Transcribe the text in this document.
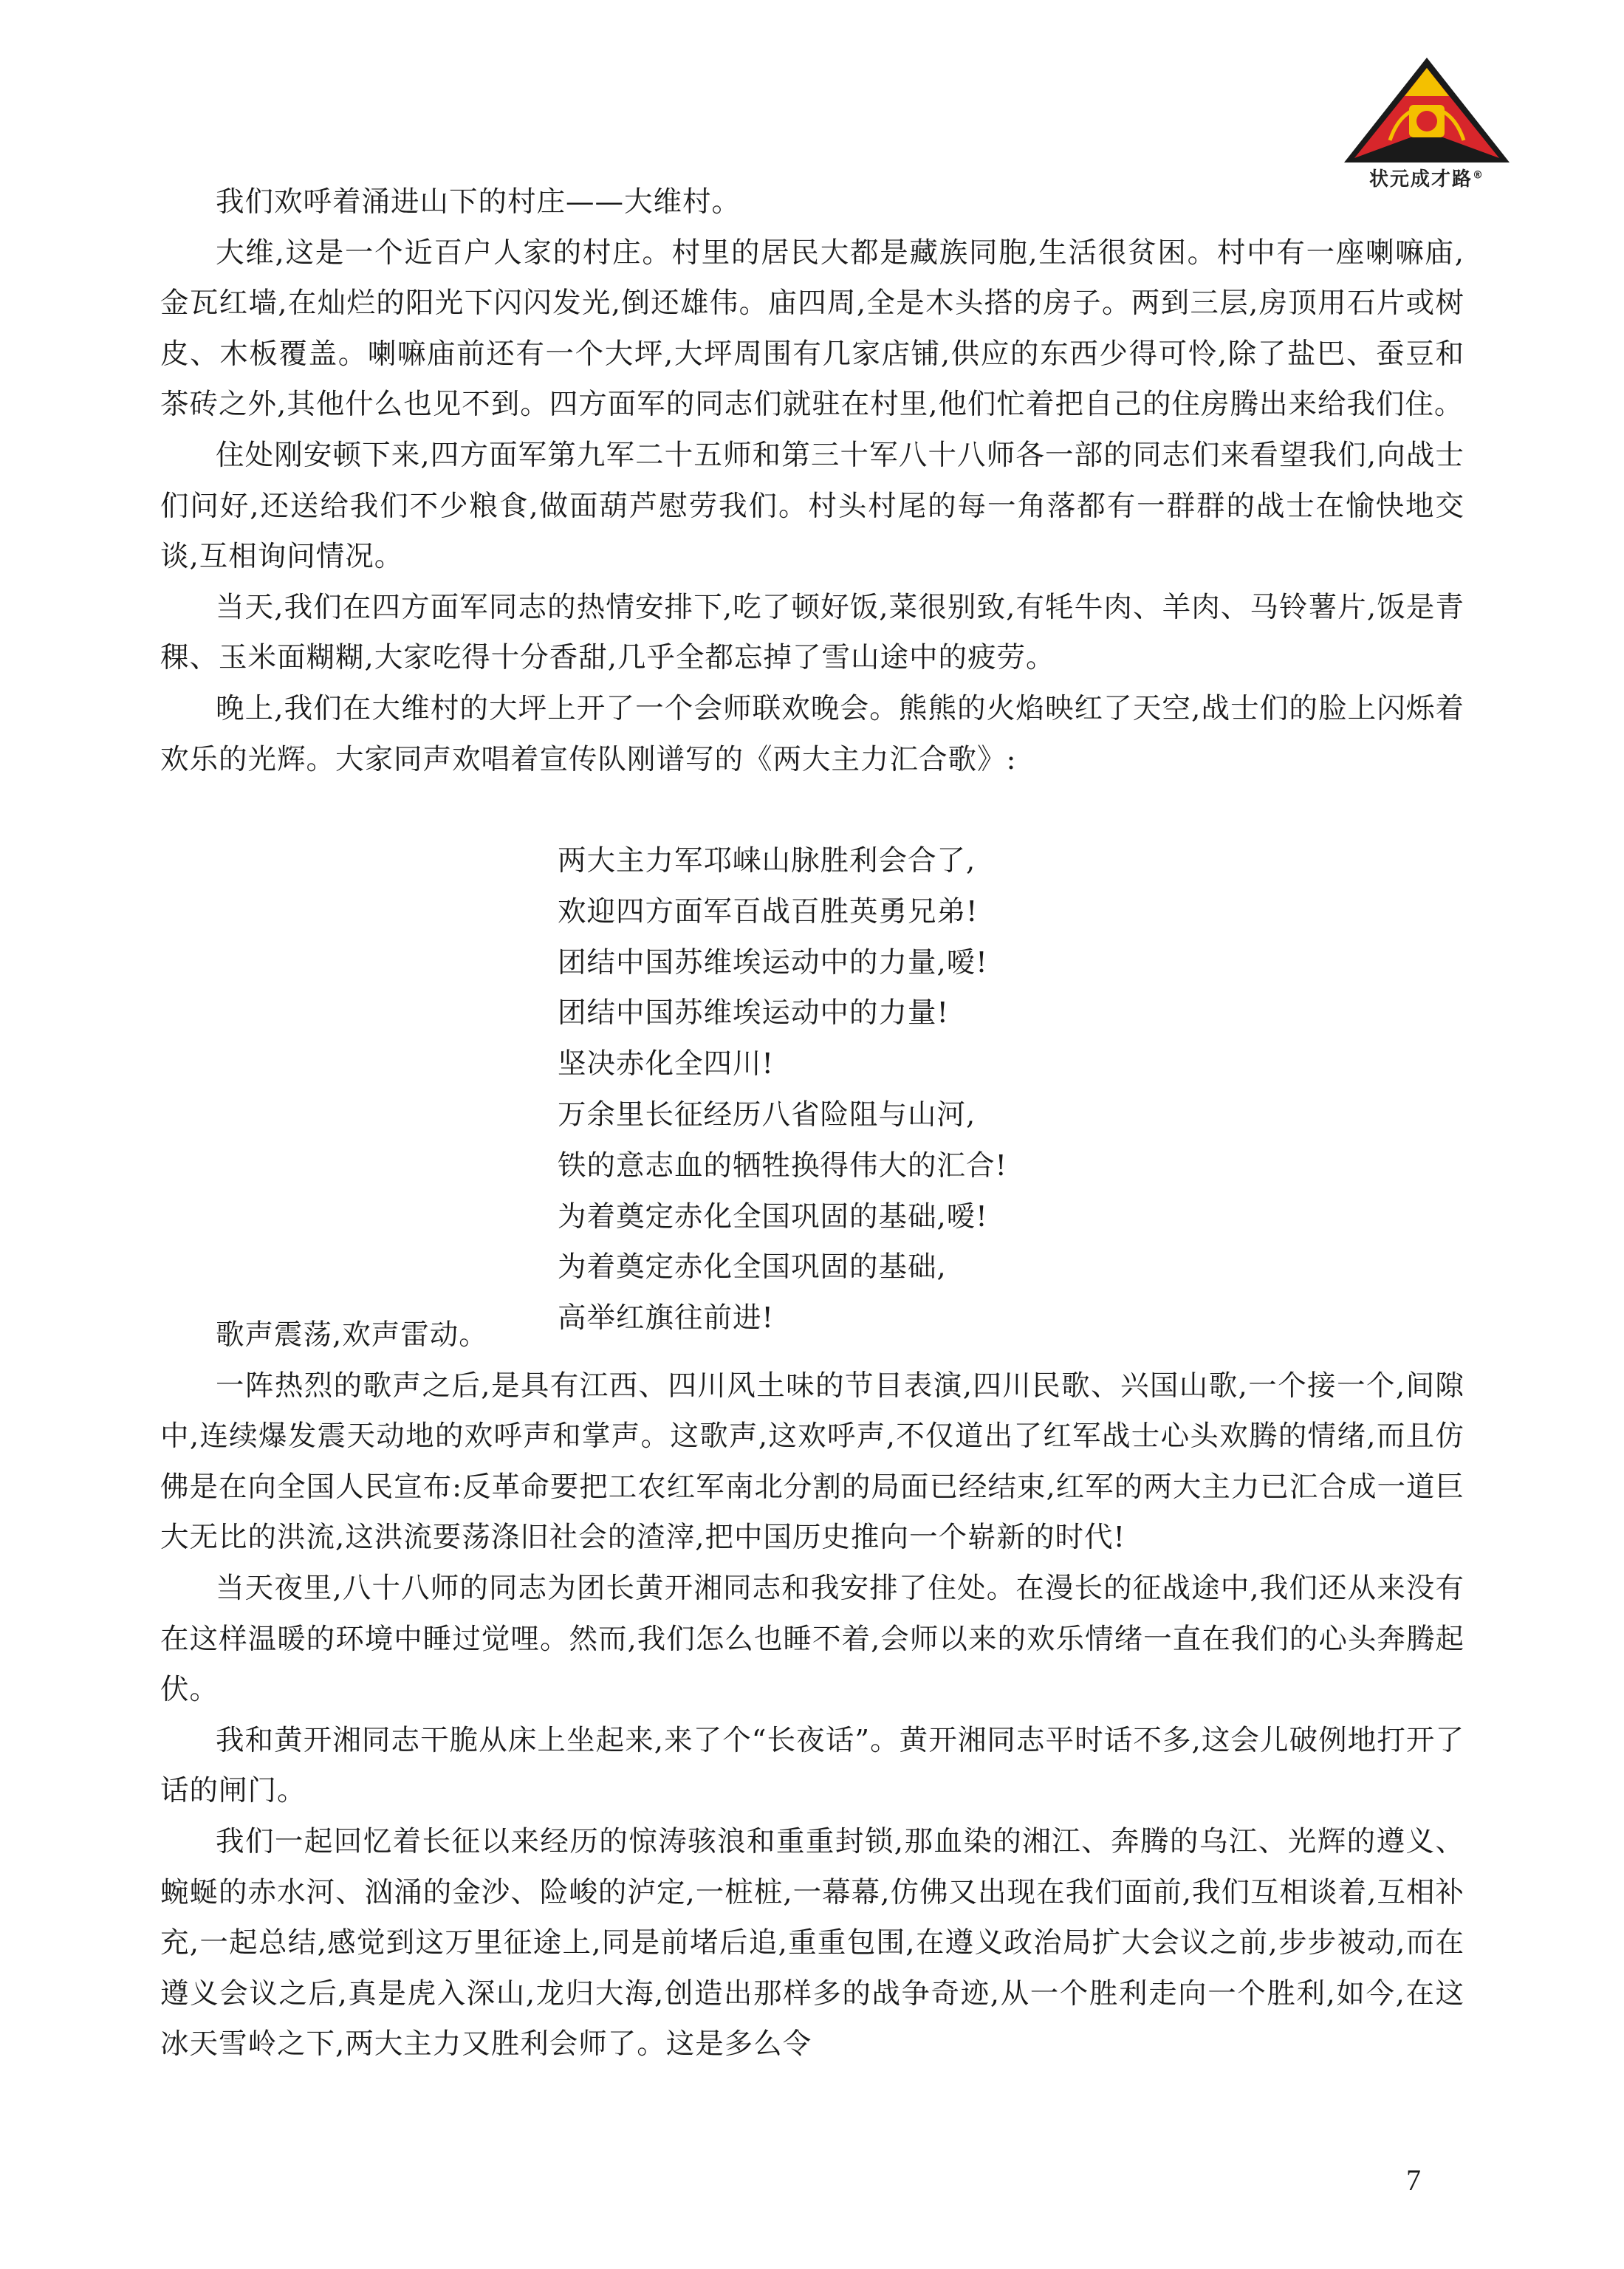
状元成才路®

我们欢呼着涌进山下的村庄——大维村。

大维,这是一个近百户人家的村庄。村里的居民大都是藏族同胞,生活很贫困。村中有一座喇嘛庙,金瓦红墙,在灿烂的阳光下闪闪发光,倒还雄伟。庙四周,全是木头搭的房子。两到三层,房顶用石片或树皮、木板覆盖。喇嘛庙前还有一个大坪,大坪周围有几家店铺,供应的东西少得可怜,除了盐巴、蚕豆和茶砖之外,其他什么也见不到。四方面军的同志们就驻在村里,他们忙着把自己的住房腾出来给我们住。

住处刚安顿下来,四方面军第九军二十五师和第三十军八十八师各一部的同志们来看望我们,向战士们问好,还送给我们不少粮食,做面葫芦慰劳我们。村头村尾的每一角落都有一群群的战士在愉快地交谈,互相询问情况。

当天,我们在四方面军同志的热情安排下,吃了顿好饭,菜很别致,有牦牛肉、羊肉、马铃薯片,饭是青稞、玉米面糊糊,大家吃得十分香甜,几乎全都忘掉了雪山途中的疲劳。

晚上,我们在大维村的大坪上开了一个会师联欢晚会。熊熊的火焰映红了天空,战士们的脸上闪烁着欢乐的光辉。大家同声欢唱着宣传队刚谱写的《两大主力汇合歌》:

两大主力军邛崃山脉胜利会合了,
欢迎四方面军百战百胜英勇兄弟!
团结中国苏维埃运动中的力量,嗳!
团结中国苏维埃运动中的力量!
坚决赤化全四川!
万余里长征经历八省险阻与山河,
铁的意志血的牺牲换得伟大的汇合!
为着奠定赤化全国巩固的基础,嗳!
为着奠定赤化全国巩固的基础,
高举红旗往前进!

歌声震荡,欢声雷动。

一阵热烈的歌声之后,是具有江西、四川风土味的节目表演,四川民歌、兴国山歌,一个接一个,间隙中,连续爆发震天动地的欢呼声和掌声。这歌声,这欢呼声,不仅道出了红军战士心头欢腾的情绪,而且仿佛是在向全国人民宣布:反革命要把工农红军南北分割的局面已经结束,红军的两大主力已汇合成一道巨大无比的洪流,这洪流要荡涤旧社会的渣滓,把中国历史推向一个崭新的时代!

当天夜里,八十八师的同志为团长黄开湘同志和我安排了住处。在漫长的征战途中,我们还从来没有在这样温暖的环境中睡过觉哩。然而,我们怎么也睡不着,会师以来的欢乐情绪一直在我们的心头奔腾起伏。

我和黄开湘同志干脆从床上坐起来,来了个“长夜话”。黄开湘同志平时话不多,这会儿破例地打开了话的闸门。

我们一起回忆着长征以来经历的惊涛骇浪和重重封锁,那血染的湘江、奔腾的乌江、光辉的遵义、蜿蜒的赤水河、汹涌的金沙、险峻的泸定,一桩桩,一幕幕,仿佛又出现在我们面前,我们互相谈着,互相补充,一起总结,感觉到这万里征途上,同是前堵后追,重重包围,在遵义政治局扩大会议之前,步步被动,而在遵义会议之后,真是虎入深山,龙归大海,创造出那样多的战争奇迹,从一个胜利走向一个胜利,如今,在这冰天雪岭之下,两大主力又胜利会师了。这是多么令

7
